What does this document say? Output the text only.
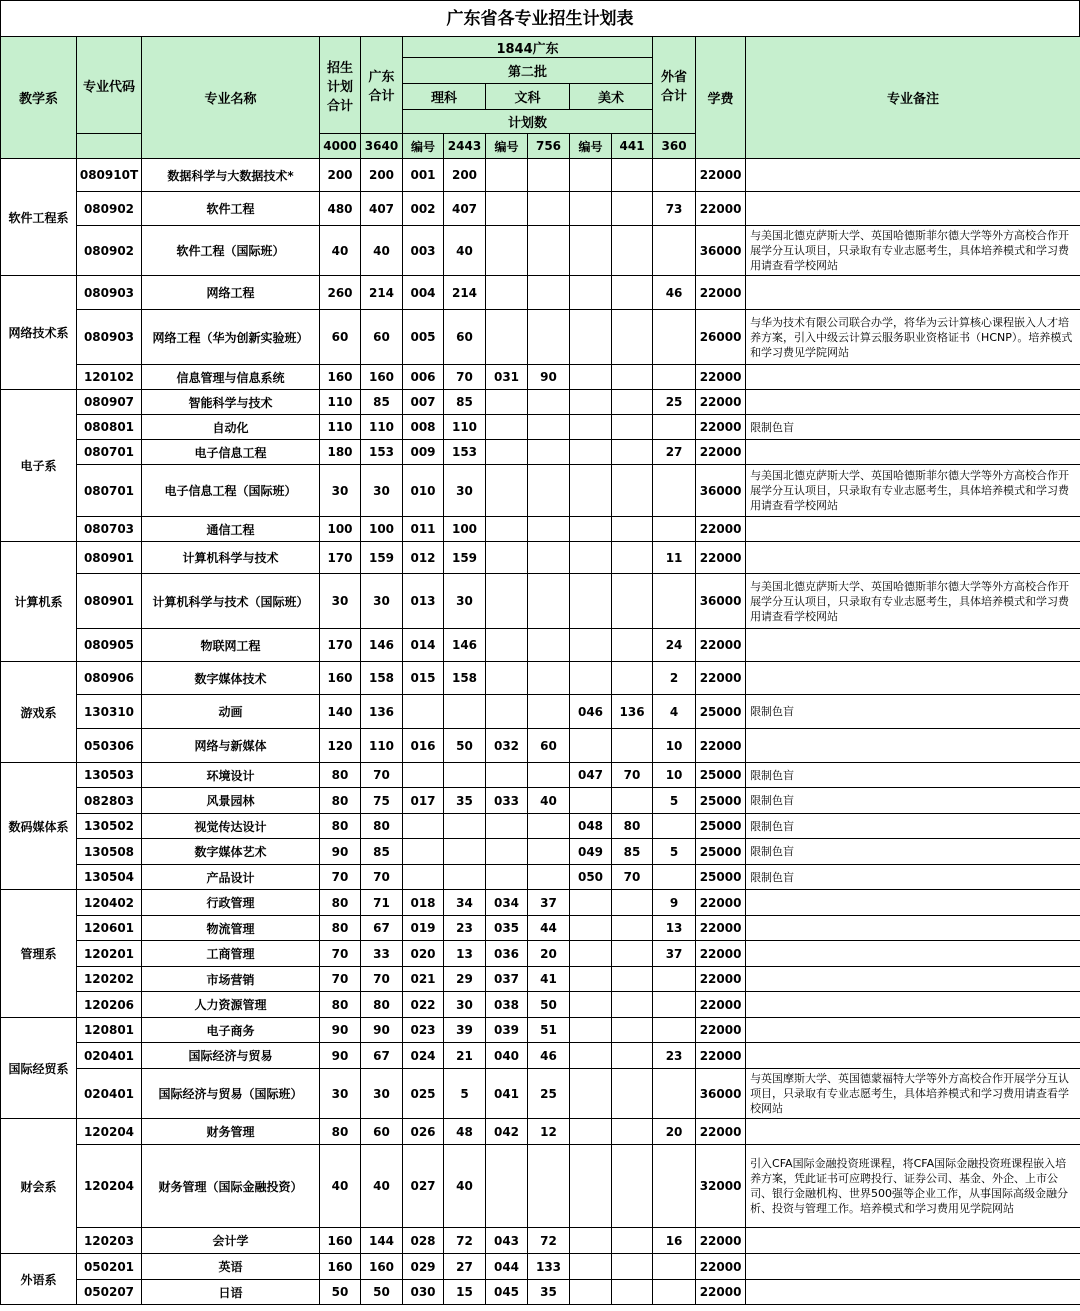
广东省各专业招生计划表
教学系	专业代码	专业名称	招生计划合计	广东合计	1844广东						外省合计	学费	专业备注
					第二批								
					理科		文科		美术				
					计划数								
			4000	3640	编号	2443	编号	756	编号	441	360		
软件工程系	080910T	数据科学与大数据技术*	200	200	001	200						22000	
	080902	软件工程	480	407	002	407					73	22000	
	080902	软件工程（国际班）	40	40	003	40						36000	与美国北德克萨斯大学、英国哈德斯菲尔德大学等外方高校合作开展学分互认项目，只录取有专业志愿考生，具体培养模式和学习费用请查看学校网站
网络技术系	080903	网络工程	260	214	004	214					46	22000	
	080903	网络工程（华为创新实验班）	60	60	005	60						26000	与华为技术有限公司联合办学，将华为云计算核心课程嵌入人才培养方案，引入中级云计算云服务职业资格证书（HCNP）。培养模式和学习费见学院网站
	120102	信息管理与信息系统	160	160	006	70	031	90				22000	
电子系	080907	智能科学与技术	110	85	007	85					25	22000	
	080801	自动化	110	110	008	110						22000	限制色盲
	080701	电子信息工程	180	153	009	153					27	22000	
	080701	电子信息工程（国际班）	30	30	010	30						36000	与美国北德克萨斯大学、英国哈德斯菲尔德大学等外方高校合作开展学分互认项目，只录取有专业志愿考生，具体培养模式和学习费用请查看学校网站
	080703	通信工程	100	100	011	100						22000	
计算机系	080901	计算机科学与技术	170	159	012	159					11	22000	
	080901	计算机科学与技术（国际班）	30	30	013	30						36000	与美国北德克萨斯大学、英国哈德斯菲尔德大学等外方高校合作开展学分互认项目，只录取有专业志愿考生，具体培养模式和学习费用请查看学校网站
	080905	物联网工程	170	146	014	146					24	22000	
游戏系	080906	数字媒体技术	160	158	015	158					2	22000	
	130310	动画	140	136					046	136	4	25000	限制色盲
	050306	网络与新媒体	120	110	016	50	032	60			10	22000	
数码媒体系	130503	环境设计	80	70					047	70	10	25000	限制色盲
	082803	风景园林	80	75	017	35	033	40			5	25000	限制色盲
	130502	视觉传达设计	80	80					048	80		25000	限制色盲
	130508	数字媒体艺术	90	85					049	85	5	25000	限制色盲
	130504	产品设计	70	70					050	70		25000	限制色盲
管理系	120402	行政管理	80	71	018	34	034	37			9	22000	
	120601	物流管理	80	67	019	23	035	44			13	22000	
	120201	工商管理	70	33	020	13	036	20			37	22000	
	120202	市场营销	70	70	021	29	037	41				22000	
	120206	人力资源管理	80	80	022	30	038	50				22000	
国际经贸系	120801	电子商务	90	90	023	39	039	51				22000	
	020401	国际经济与贸易	90	67	024	21	040	46			23	22000	
	020401	国际经济与贸易（国际班）	30	30	025	5	041	25				36000	与英国摩斯大学、英国德蒙福特大学等外方高校合作开展学分互认项目，只录取有专业志愿考生，具体培养模式和学习费用请查看学校网站
财会系	120204	财务管理	80	60	026	48	042	12			20	22000	
	120204	财务管理（国际金融投资）	40	40	027	40						32000	引入CFA国际金融投资班课程，将CFA国际金融投资班课程嵌入培养方案，凭此证书可应聘投行、证券公司、基金、外企、上市公司、银行金融机构、世界500强等企业工作，从事国际高级金融分析、投资与管理工作。培养模式和学习费用见学院网站
	120203	会计学	160	144	028	72	043	72			16	22000	
外语系	050201	英语	160	160	029	27	044	133				22000	
	050207	日语	50	50	030	15	045	35				22000	
